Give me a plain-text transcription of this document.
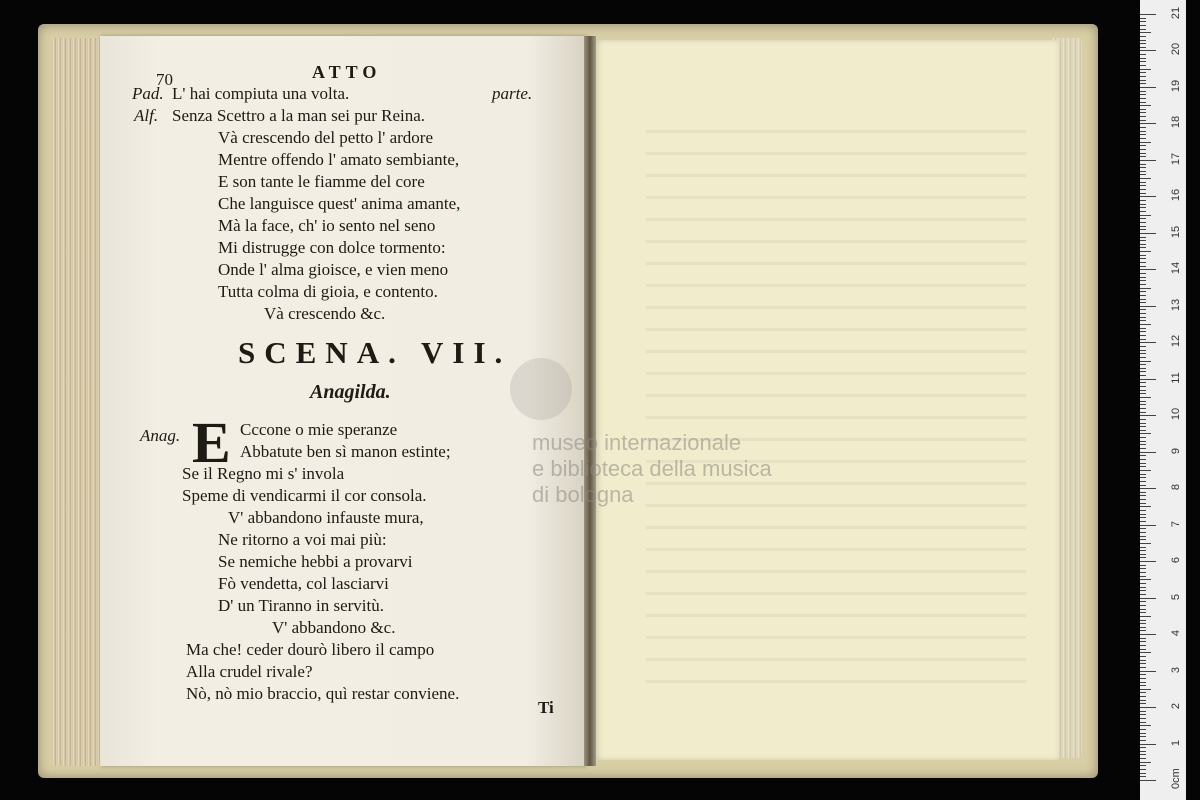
70	ATTO
Pad. L' hai compiuta una volta.	parte.
Alf. Senza Scettro a la man sei pur Reina.
Và crescendo del petto l' ardore
Mentre offendo l' amato sembiante,
E son tante le fiamme del core
Che languisce quest' anima amante,
Mà la face, ch' io sento nel seno
Mi distrugge con dolce tormento:
Onde l' alma gioisce, e vien meno
Tutta colma di gioia, e contento.
Và crescendo &c.
SCENA. VII.
Anagilda.
Anag. E Cccone o mie speranze
Abbatute ben sì manon estinte;
Se il Regno mi s' invola
Speme di vendicarmi il cor consola.
V' abbandono infauste mura,
Ne ritorno a voi mai più:
Se nemiche hebbi a provarvi
Fò vendetta, col lasciarvi
D' un Tiranno in servitù.
V' abbandono &c.
Ma che! ceder dourò libero il campo
Alla crudel rivale?
Nò, nò mio braccio, quì restar conviene.
Ti
museo internazionale
e biblioteca della musica
di bologna
0cm
1
2
3
4
5
6
7
8
9
10
11
12
13
14
15
16
17
18
19
20
21
